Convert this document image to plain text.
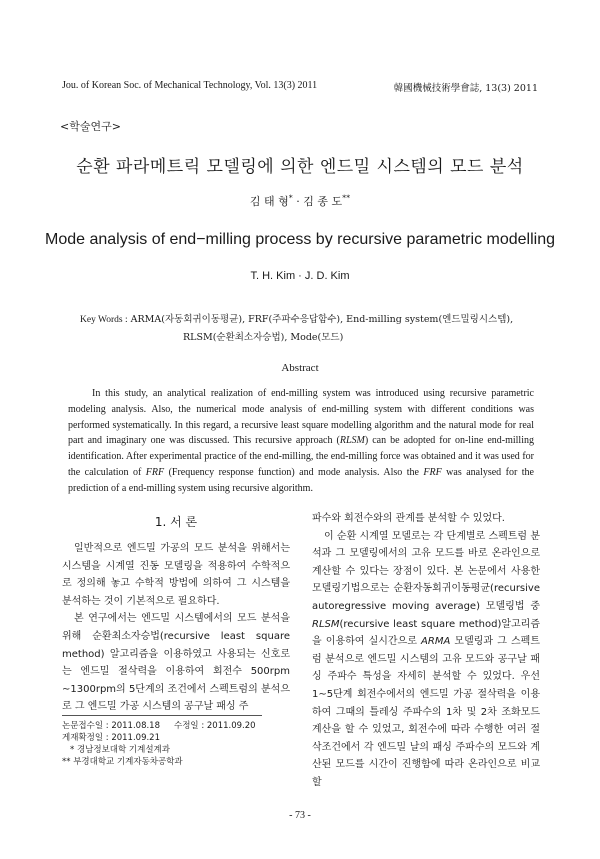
Jou. of Korean Soc. of Mechanical Technology, Vol. 13(3) 2011	韓國機械技術學會誌, 13(3) 2011
<학술연구>
순환 파라메트릭 모델링에 의한 엔드밀 시스템의 모드 분석
김 태 형* · 김 종 도**
Mode analysis of end−milling process by recursive parametric modelling
T. H. Kim · J. D. Kim
Key Words : ARMA(자동회귀이동평균), FRF(주파수응답함수), End-milling system(엔드밀링시스템),
RLSM(순환최소자승법), Mode(모드)
Abstract
In this study, an analytical realization of end-milling system was introduced using recursive parametric modeling analysis. Also, the numerical mode analysis of end-milling system with different conditions was performed systematically. In this regard, a recursive least square modelling algorithm and the natural mode for real part and imaginary one was discussed. This recursive approach (RLSM) can be adopted for on-line end-milling identification. After experimental practice of the end-milling, the end-milling force was obtained and it was used for the calculation of FRF (Frequency response function) and mode analysis. Also the FRF was analysed for the prediction of a end-milling system using recursive algorithm.
1. 서 론

일반적으로 엔드밀 가공의 모드 분석을 위해서는 시스템을 시계열 진동 모델링을 적용하여 수학적으로 정의해 놓고 수학적 방법에 의하여 그 시스템을 분석하는 것이 기본적으로 필요하다.

본 연구에서는 엔드밀 시스템에서의 모드 분석을 위해 순환최소자승법(recursive least square method) 알고리즘을 이용하였고 사용되는 신호로는 엔드밀 절삭력을 이용하여 회전수 500rpm ∼1300rpm의 5단계의 조건에서 스펙트럼의 분석으로 그 엔드밀 가공 시스템의 공구날 패싱 주

파수와 회전수와의 관계를 분석할 수 있었다.

이 순환 시계열 모델로는 각 단계별로 스펙트럼 분석과 그 모델링에서의 고유 모드를 바로 온라인으로 계산할 수 있다는 장점이 있다. 본 논문에서 사용한 모델링기법으로는 순환자동회귀이동평균(recursive autoregressive moving average) 모델링법 중 RLSM(recursive least square method)알고리즘을 이용하여 실시간으로 ARMA 모델링과 그 스펙트럼 분석으로 엔드밀 시스템의 고유 모드와 공구날 패싱 주파수 특성을 자세히 분석할 수 있었다. 우선 1∼5단계 회전수에서의 엔드밀 가공 절삭력을 이용하여 그때의 틀레싱 주파수의 1차 및 2차 조화모드 계산을 할 수 있었고, 회전수에 따라 수행한 여러 절삭조건에서 각 엔드밀 날의 패싱 주파수의 모드와 계산된 모드를 시간이 진행함에 따라 온라인으로 비교할

논문접수일 : 2011.08.18 수정일 : 2011.09.20
게재확정일 : 2011.09.21
* 경남정보대학 기계설계과
** 부경대학교 기계자동차공학과
- 73 -
